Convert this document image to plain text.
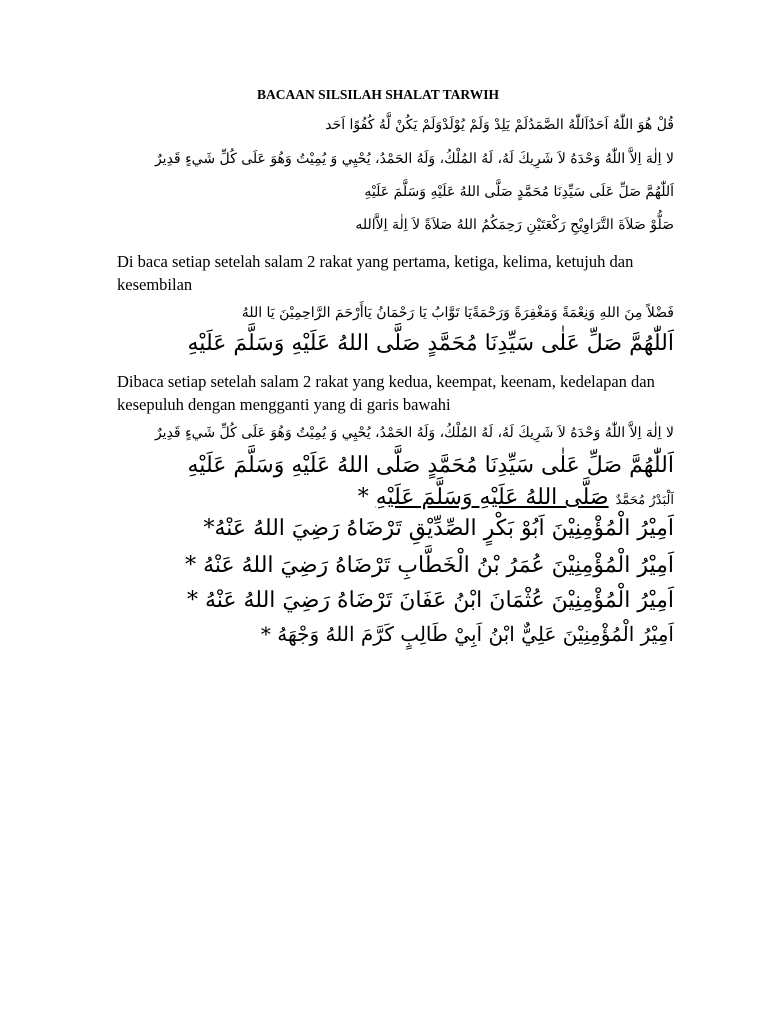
BACAAN SILSILAH SHALAT TARWIH
قُلْ هُوَ اللّٰهُ اَحَدٌاَللّٰهُ الصَّمَدُلَمْ يَلِدْ وَلَمْ يُوْلَدْوَلَمْ يَكُنْ لَّهُ كُفُوًا اَحَد
لا اِلٰهَ اِلاَّ اللّٰهُ وَحْدَهُ لاَ شَرِيكَ لَهُ، لَهُ المُلْكُ، وَلَهُ الحَمْدُ، يُحْيِي وَ يُمِيْتُ وَهُوَ عَلَى كُلِّ شَيءٍ قَدِيرٌ
اَللّٰهُمَّ صَلِّ عَلَى سَيِّدِنَا مُحَمَّدٍ صَلَّى اللهُ عَلَيْهِ وَسَلَّمَ عَلَيْهِ
صَلُّوْ صَلاَةَ التَّرَاوِيْحِ رَكْعَتَيْنِ رَحِمَكُمُ اللهُ صَلاَةً لاَ اِلٰهَ اِلاَّالله
Di baca setiap setelah salam 2 rakat yang pertama, ketiga, kelima, ketujuh dan kesembilan
فَضْلاً مِنَ اللهِ وَنِعْمَةً وَمَغْفِرَةً وَرَحْمَةًيَا تَوَّابُ يَا رَحْمَانُ يَاأَرْحَمَ الرَّاحِمِيْنَ يَا اللهُ
اَللّٰهُمَّ صَلِّ عَلٰى سَيِّدِنَا مُحَمَّدٍ صَلَّى اللهُ عَلَيْهِ وَسَلَّمَ عَلَيْهِ
Dibaca setiap setelah salam 2 rakat yang kedua, keempat, keenam, kedelapan dan kesepuluh dengan mengganti yang di garis bawahi
لا اِلٰهَ اِلاَّ اللّٰهُ وَحْدَهُ لاَ شَرِيكَ لَهُ، لَهُ المُلْكُ، وَلَهُ الحَمْدُ، يُحْيِي وَ يُمِيْتُ وَهُوَ عَلَى كُلِّ شَيءٍ قَدِيرٌ
اَللّٰهُمَّ صَلِّ عَلٰى سَيِّدِنَا مُحَمَّدٍ صَلَّى اللهُ عَلَيْهِ وَسَلَّمَ عَلَيْهِ
اَلْبَدْرُ مُحَمَّدٌ صَلَّى اللهُ عَلَيْهِ وَسَلَّمَ عَلَيْهِ *
اَمِيْرُ الْمُؤْمِنِيْنَ اَبُوْ بَكْرٍ الصِّدِّيْقِ تَرْضَاهُ رَضِيَ اللهُ عَنْهُ*
اَمِيْرُ الْمُؤْمِنِيْنَ عُمَرُ بْنُ الْخَطَّابِ تَرْضَاهُ رَضِيَ اللهُ عَنْهُ *
اَمِيْرُ الْمُؤْمِنِيْنَ عُثْمَانَ ابْنُ عَفَانَ تَرْضَاهُ رَضِيَ اللهُ عَنْهُ *
اَمِيْرُ الْمُؤْمِنِيْنَ عَلِيٌّ ابْنُ اَبِيْ طَالِبٍ كَرَّمَ اللهُ وَجْهَهُ *
